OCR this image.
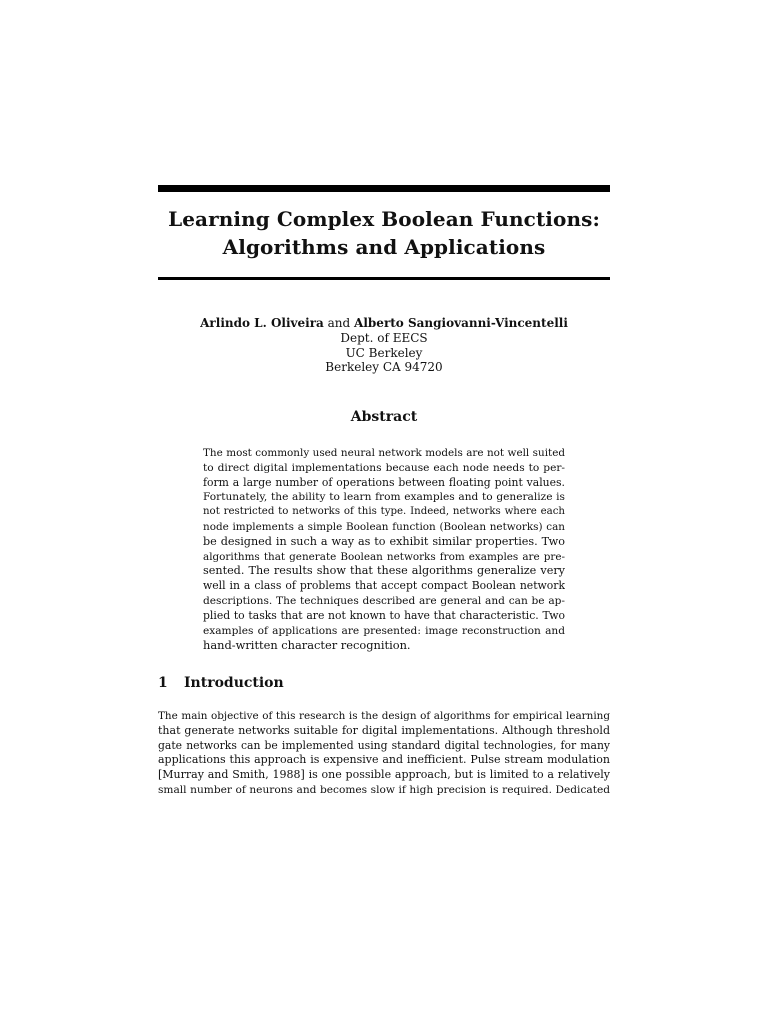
Learning Complex Boolean Functions:
Algorithms and Applications
Arlindo L. Oliveira and Alberto Sangiovanni-Vincentelli
Dept. of EECS
UC Berkeley
Berkeley CA 94720
Abstract
The most commonly used neural network models are not well suited
to direct digital implementations because each node needs to per-
form a large number of operations between floating point values.
Fortunately, the ability to learn from examples and to generalize is
not restricted to networks of this type. Indeed, networks where each
node implements a simple Boolean function (Boolean networks) can
be designed in such a way as to exhibit similar properties. Two
algorithms that generate Boolean networks from examples are pre-
sented. The results show that these algorithms generalize very
well in a class of problems that accept compact Boolean network
descriptions. The techniques described are general and can be ap-
plied to tasks that are not known to have that characteristic. Two
examples of applications are presented: image reconstruction and
hand-written character recognition.
1 Introduction
The main objective of this research is the design of algorithms for empirical learning
that generate networks suitable for digital implementations. Although threshold
gate networks can be implemented using standard digital technologies, for many
applications this approach is expensive and inefficient. Pulse stream modulation
[Murray and Smith, 1988] is one possible approach, but is limited to a relatively
small number of neurons and becomes slow if high precision is required. Dedicated
